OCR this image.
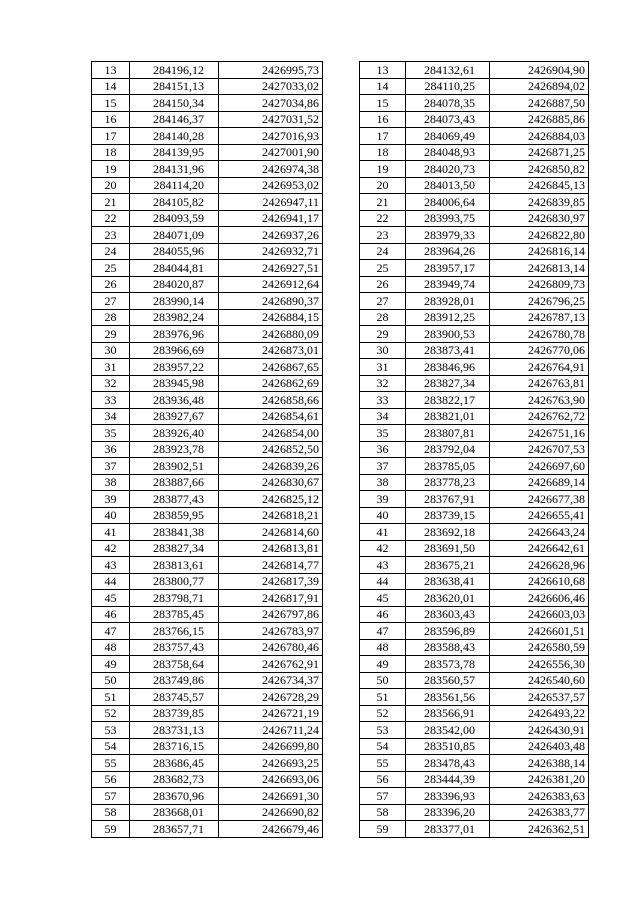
13	284196,12	2426995,73
14	284151,13	2427033,02
15	284150,34	2427034,86
16	284146,37	2427031,52
17	284140,28	2427016,93
18	284139,95	2427001,90
19	284131,96	2426974,38
20	284114,20	2426953,02
21	284105,82	2426947,11
22	284093,59	2426941,17
23	284071,09	2426937,26
24	284055,96	2426932,71
25	284044,81	2426927,51
26	284020,87	2426912,64
27	283990,14	2426890,37
28	283982,24	2426884,15
29	283976,96	2426880,09
30	283966,69	2426873,01
31	283957,22	2426867,65
32	283945,98	2426862,69
33	283936,48	2426858,66
34	283927,67	2426854,61
35	283926,40	2426854,00
36	283923,78	2426852,50
37	283902,51	2426839,26
38	283887,66	2426830,67
39	283877,43	2426825,12
40	283859,95	2426818,21
41	283841,38	2426814,60
42	283827,34	2426813,81
43	283813,61	2426814,77
44	283800,77	2426817,39
45	283798,71	2426817,91
46	283785,45	2426797,86
47	283766,15	2426783,97
48	283757,43	2426780,46
49	283758,64	2426762,91
50	283749,86	2426734,37
51	283745,57	2426728,29
52	283739,85	2426721,19
53	283731,13	2426711,24
54	283716,15	2426699,80
55	283686,45	2426693,25
56	283682,73	2426693,06
57	283670,96	2426691,30
58	283668,01	2426690,82
59	283657,71	2426679,46
13	284132,61	2426904,90
14	284110,25	2426894,02
15	284078,35	2426887,50
16	284073,43	2426885,86
17	284069,49	2426884,03
18	284048,93	2426871,25
19	284020,73	2426850,82
20	284013,50	2426845,13
21	284006,64	2426839,85
22	283993,75	2426830,97
23	283979,33	2426822,80
24	283964,26	2426816,14
25	283957,17	2426813,14
26	283949,74	2426809,73
27	283928,01	2426796,25
28	283912,25	2426787,13
29	283900,53	2426780,78
30	283873,41	2426770,06
31	283846,96	2426764,91
32	283827,34	2426763,81
33	283822,17	2426763,90
34	283821,01	2426762,72
35	283807,81	2426751,16
36	283792,04	2426707,53
37	283785,05	2426697,60
38	283778,23	2426689,14
39	283767,91	2426677,38
40	283739,15	2426655,41
41	283692,18	2426643,24
42	283691,50	2426642,61
43	283675,21	2426628,96
44	283638,41	2426610,68
45	283620,01	2426606,46
46	283603,43	2426603,03
47	283596,89	2426601,51
48	283588,43	2426580,59
49	283573,78	2426556,30
50	283560,57	2426540,60
51	283561,56	2426537,57
52	283566,91	2426493,22
53	283542,00	2426430,91
54	283510,85	2426403,48
55	283478,43	2426388,14
56	283444,39	2426381,20
57	283396,93	2426383,63
58	283396,20	2426383,77
59	283377,01	2426362,51
